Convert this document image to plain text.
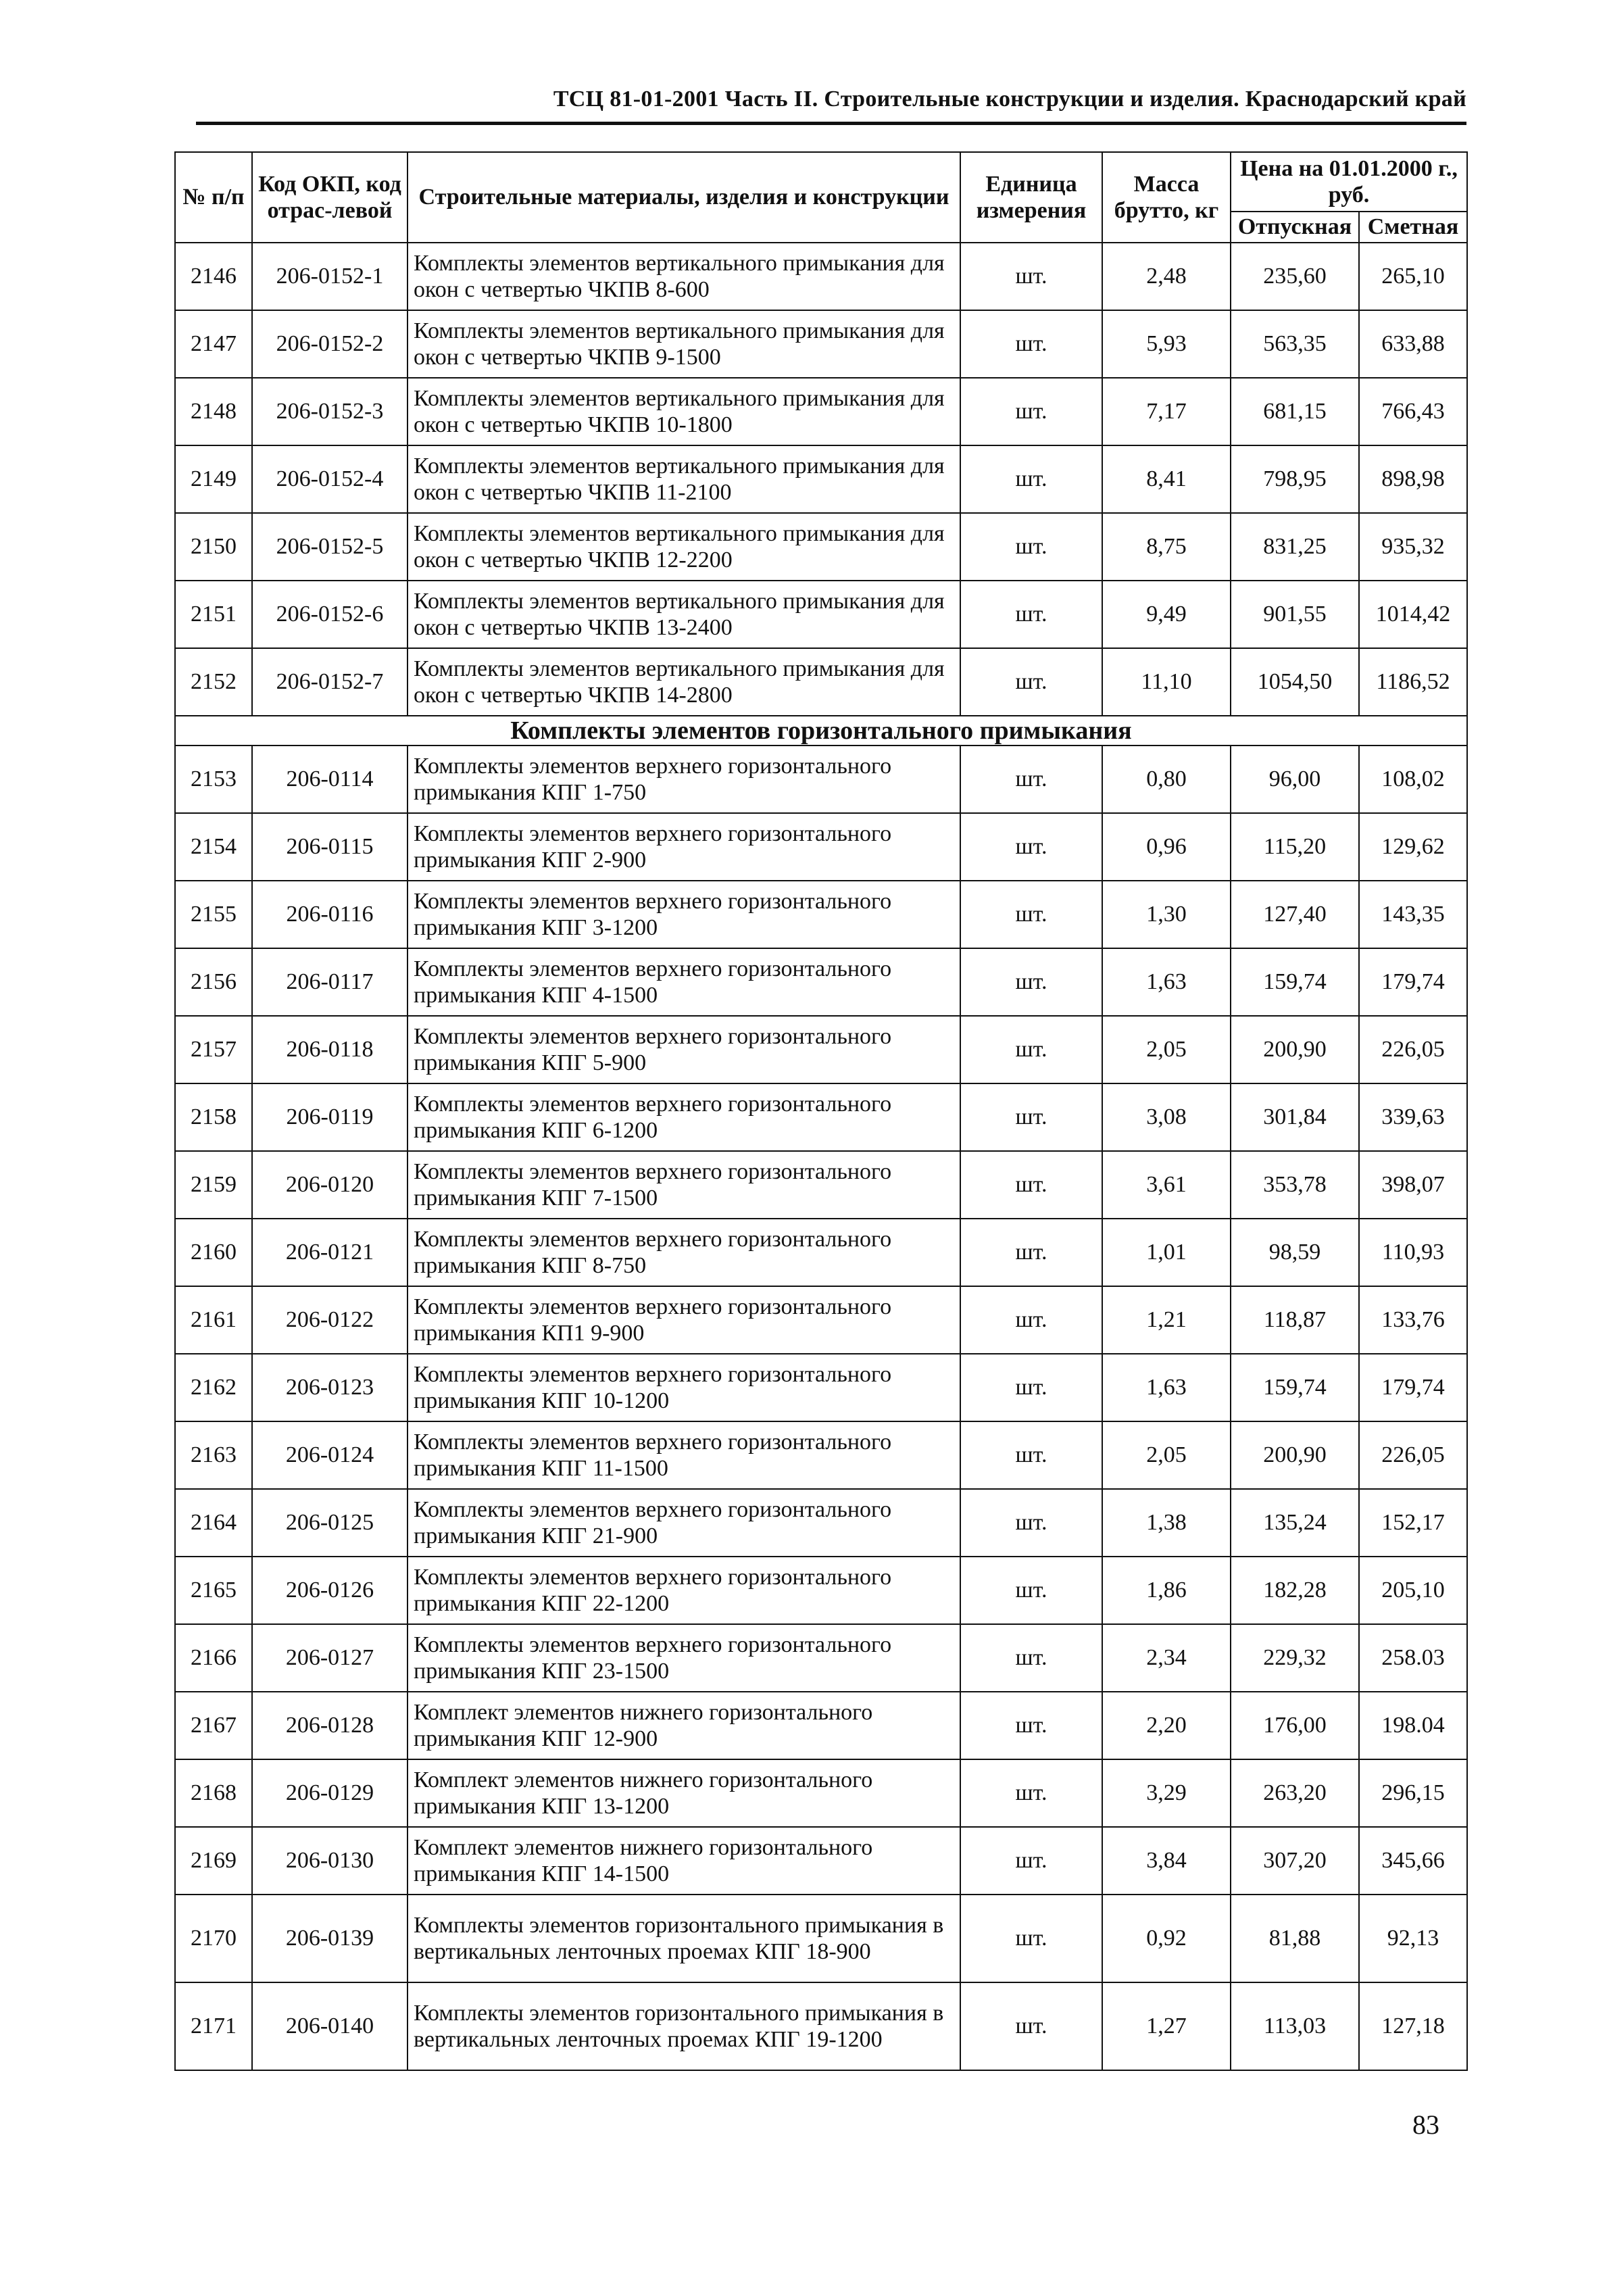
ТСЦ 81-01-2001 Часть II. Строительные конструкции и изделия. Краснодарский край
№ п/п	Код ОКП, код отрас-левой	Строительные материалы, изделия и конструкции	Единица измерения	Масса брутто, кг	Цена на 01.01.2000 г., руб.	
					Отпускная	Сметная
2146	206-0152-1	Комплекты элементов вертикального примыкания для окон с четвертью ЧКПВ 8-600	шт.	2,48	235,60	265,10
2147	206-0152-2	Комплекты элементов вертикального примыкания для окон с четвертью ЧКПВ 9-1500	шт.	5,93	563,35	633,88
2148	206-0152-3	Комплекты элементов вертикального примыкания для окон с четвертью ЧКПВ 10-1800	шт.	7,17	681,15	766,43
2149	206-0152-4	Комплекты элементов вертикального примыкания для окон с четвертью ЧКПВ 11-2100	шт.	8,41	798,95	898,98
2150	206-0152-5	Комплекты элементов вертикального примыкания для окон с четвертью ЧКПВ 12-2200	шт.	8,75	831,25	935,32
2151	206-0152-6	Комплекты элементов вертикального примыкания для окон с четвертью ЧКПВ 13-2400	шт.	9,49	901,55	1014,42
2152	206-0152-7	Комплекты элементов вертикального примыкания для окон с четвертью ЧКПВ 14-2800	шт.	11,10	1054,50	1186,52
Комплекты элементов горизонтального примыкания						
2153	206-0114	Комплекты элементов верхнего горизонтального примыкания КПГ 1-750	шт.	0,80	96,00	108,02
2154	206-0115	Комплекты элементов верхнего горизонтального примыкания КПГ 2-900	шт.	0,96	115,20	129,62
2155	206-0116	Комплекты элементов верхнего горизонтального примыкания КПГ 3-1200	шт.	1,30	127,40	143,35
2156	206-0117	Комплекты элементов верхнего горизонтального примыкания КПГ 4-1500	шт.	1,63	159,74	179,74
2157	206-0118	Комплекты элементов верхнего горизонтального примыкания КПГ 5-900	шт.	2,05	200,90	226,05
2158	206-0119	Комплекты элементов верхнего горизонтального примыкания КПГ 6-1200	шт.	3,08	301,84	339,63
2159	206-0120	Комплекты элементов верхнего горизонтального примыкания КПГ 7-1500	шт.	3,61	353,78	398,07
2160	206-0121	Комплекты элементов верхнего горизонтального примыкания КПГ 8-750	шт.	1,01	98,59	110,93
2161	206-0122	Комплекты элементов верхнего горизонтального примыкания КП1 9-900	шт.	1,21	118,87	133,76
2162	206-0123	Комплекты элементов верхнего горизонтального примыкания КПГ 10-1200	шт.	1,63	159,74	179,74
2163	206-0124	Комплекты элементов верхнего горизонтального примыкания КПГ 11-1500	шт.	2,05	200,90	226,05
2164	206-0125	Комплекты элементов верхнего горизонтального примыкания КПГ 21-900	шт.	1,38	135,24	152,17
2165	206-0126	Комплекты элементов верхнего горизонтального примыкания КПГ 22-1200	шт.	1,86	182,28	205,10
2166	206-0127	Комплекты элементов верхнего горизонтального примыкания КПГ 23-1500	шт.	2,34	229,32	258.03
2167	206-0128	Комплект элементов нижнего горизонтального примыкания КПГ 12-900	шт.	2,20	176,00	198.04
2168	206-0129	Комплект элементов нижнего горизонтального примыкания КПГ 13-1200	шт.	3,29	263,20	296,15
2169	206-0130	Комплект элементов нижнего горизонтального примыкания КПГ 14-1500	шт.	3,84	307,20	345,66
2170	206-0139	Комплекты элементов горизонтального примыкания в вертикальных ленточных проемах КПГ 18-900	шт.	0,92	81,88	92,13
2171	206-0140	Комплекты элементов горизонтального примыкания в вертикальных ленточных проемах КПГ 19-1200	шт.	1,27	113,03	127,18
83
